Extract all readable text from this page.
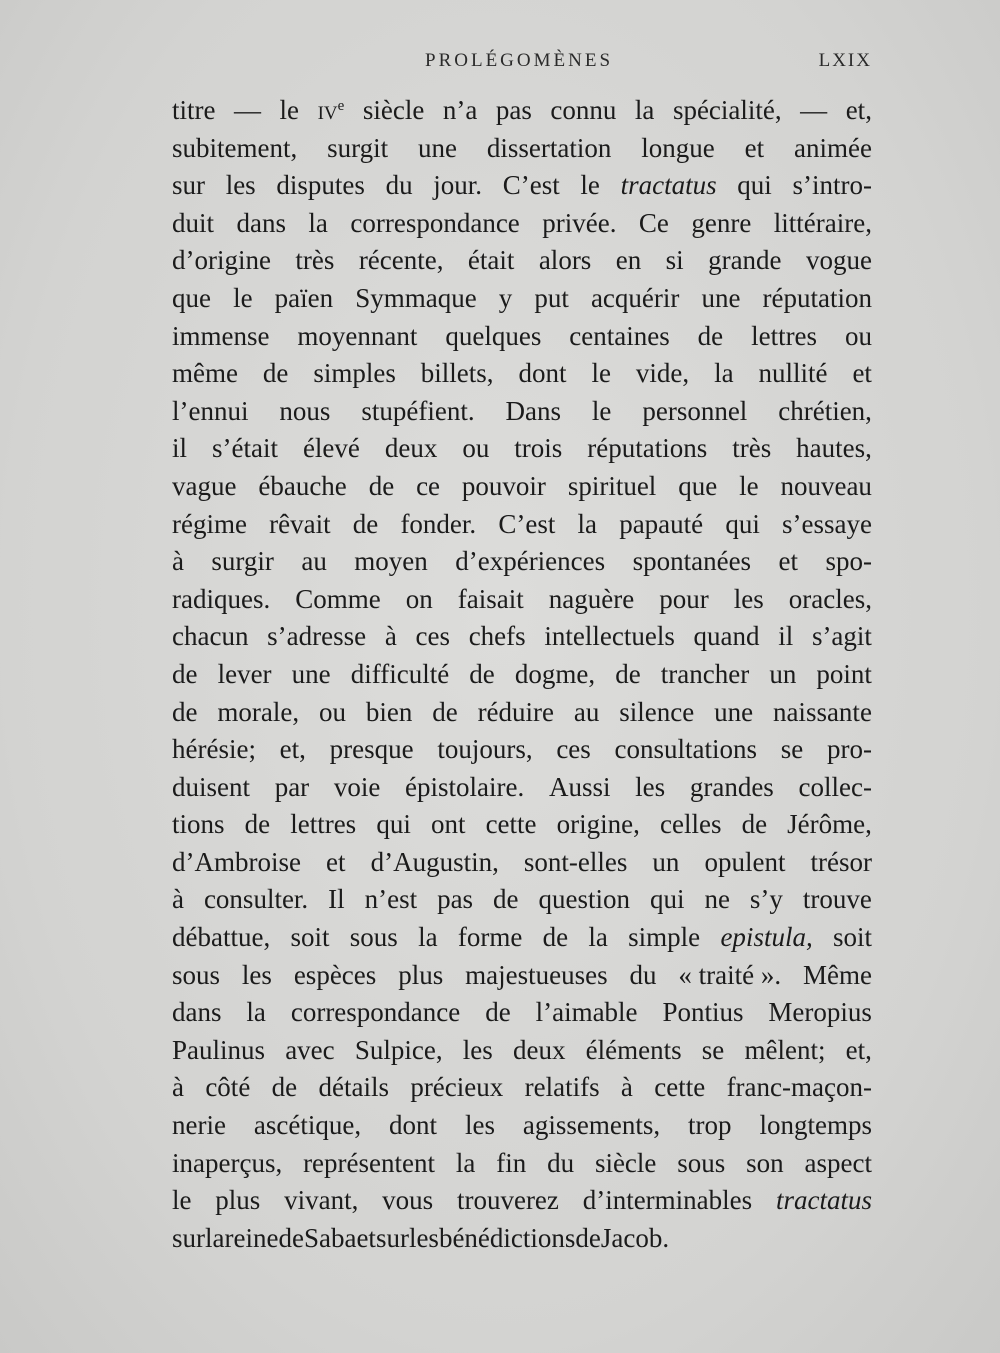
PROLÉGOMÈNES	LXIX
titre — le $iv^e$ siècle n’a pas connu la spécialité, — et,
subitement, surgit une dissertation longue et animée
sur les disputes du jour. C’est le tractatus qui s’intro-
duit dans la correspondance privée. Ce genre littéraire,
d’origine très récente, était alors en si grande vogue
que le païen Symmaque y put acquérir une réputation
immense moyennant quelques centaines de lettres ou
même de simples billets, dont le vide, la nullité et
l’ennui nous stupéfient. Dans le personnel chrétien,
il s’était élevé deux ou trois réputations très hautes,
vague ébauche de ce pouvoir spirituel que le nouveau
régime rêvait de fonder. C’est la papauté qui s’essaye
à surgir au moyen d’expériences spontanées et spo-
radiques. Comme on faisait naguère pour les oracles,
chacun s’adresse à ces chefs intellectuels quand il s’agit
de lever une difficulté de dogme, de trancher un point
de morale, ou bien de réduire au silence une naissante
hérésie; et, presque toujours, ces consultations se pro-
duisent par voie épistolaire. Aussi les grandes collec-
tions de lettres qui ont cette origine, celles de Jérôme,
d’Ambroise et d’Augustin, sont-elles un opulent trésor
à consulter. Il n’est pas de question qui ne s’y trouve
débattue, soit sous la forme de la simple epistula, soit
sous les espèces plus majestueuses du « traité ». Même
dans la correspondance de l’aimable Pontius Meropius
Paulinus avec Sulpice, les deux éléments se mêlent; et,
à côté de détails précieux relatifs à cette franc-maçon-
nerie ascétique, dont les agissements, trop longtemps
inaperçus, représentent la fin du siècle sous son aspect
le plus vivant, vous trouverez d’interminables tractatus
sur la reine de Saba et sur les bénédictions de Jacob.
